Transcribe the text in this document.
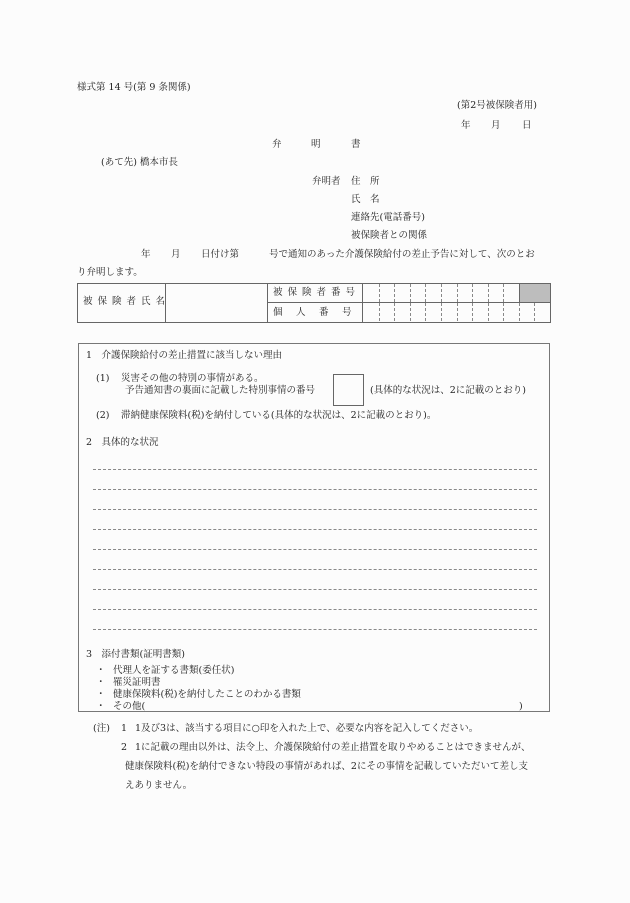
様式第 14 号(第 9 条関係)
(第2号被保険者用)
年 月 日
弁	明	書
(あて先) 橋本市長
弁明者 住　所
氏　名
連絡先(電話番号)
被保険者との関係
年 月 日付け第	号で通知のあった介護保険給付の差止予告に対して、次のとお
り弁明します。
被保険者氏名
被保険者番号
個　人　番　号
1　介護保険給付の差止措置に該当しない理由
(1) 災害その他の特別の事情がある。
予告通知書の裏面に記載した特別事情の番号	(具体的な状況は、2に記載のとおり)
(2) 滞納健康保険料(税)を納付している(具体的な状況は、2に記載のとおり)。
2　具体的な状況
3　添付書類(証明書類)
・ 代理人を証する書類(委任状)
・ 罹災証明書
・ 健康保険料(税)を納付したことのわかる書類
・ その他(	)
(注) 1 1及び3は、該当する項目に○印を入れた上で、必要な内容を記入してください。
2 1に記載の理由以外は、法令上、介護保険給付の差止措置を取りやめることはできませんが、
健康保険料(税)を納付できない特段の事情があれば、2にその事情を記載していただいて差し支
えありません。
